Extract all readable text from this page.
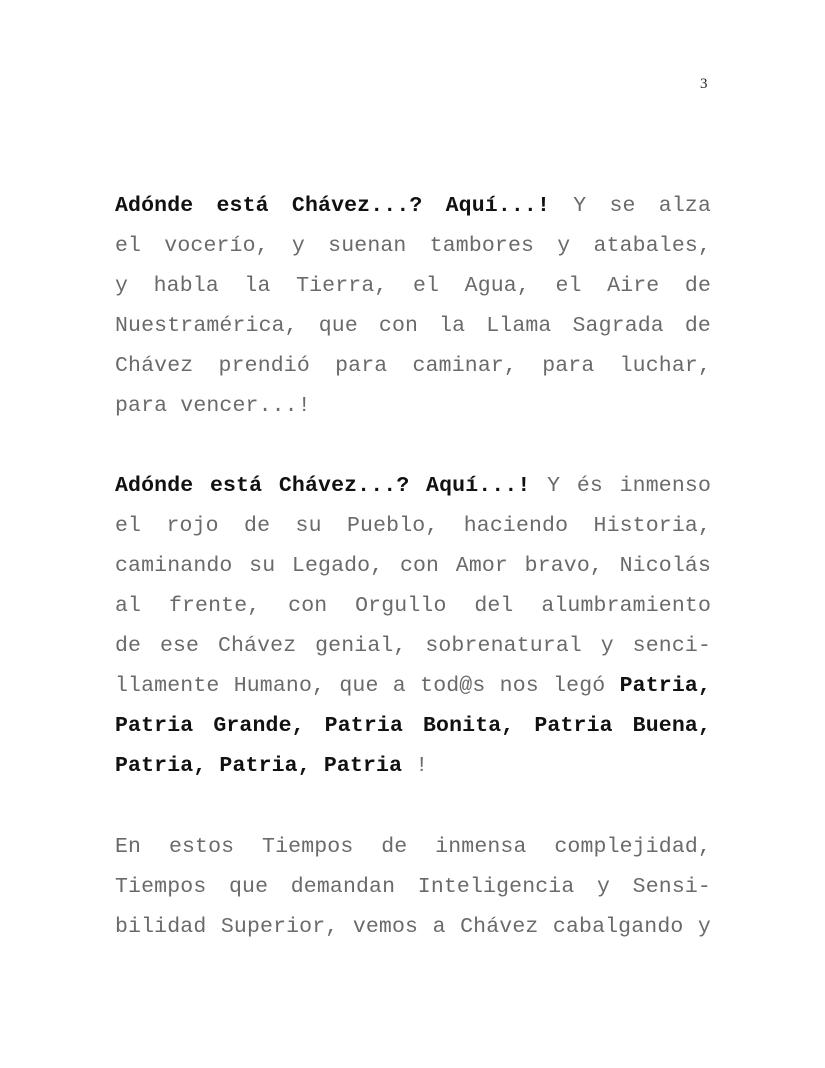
3
Adónde está Chávez...? Aquí...! Y se alza
el vocerío, y suenan tambores y atabales,
y habla la Tierra, el Agua, el Aire de
Nuestramérica, que con la Llama Sagrada de
Chávez prendió para caminar, para luchar,
para vencer...!
Adónde está Chávez...? Aquí...! Y és inmenso
el rojo de su Pueblo, haciendo Historia,
caminando su Legado, con Amor bravo, Nicolás
al frente, con Orgullo del alumbramiento
de ese Chávez genial, sobrenatural y senci-
llamente Humano, que a tod@s nos legó Patria,
Patria Grande, Patria Bonita, Patria Buena,
Patria, Patria, Patria !
En estos Tiempos de inmensa complejidad,
Tiempos que demandan Inteligencia y Sensi-
bilidad Superior, vemos a Chávez cabalgando y
